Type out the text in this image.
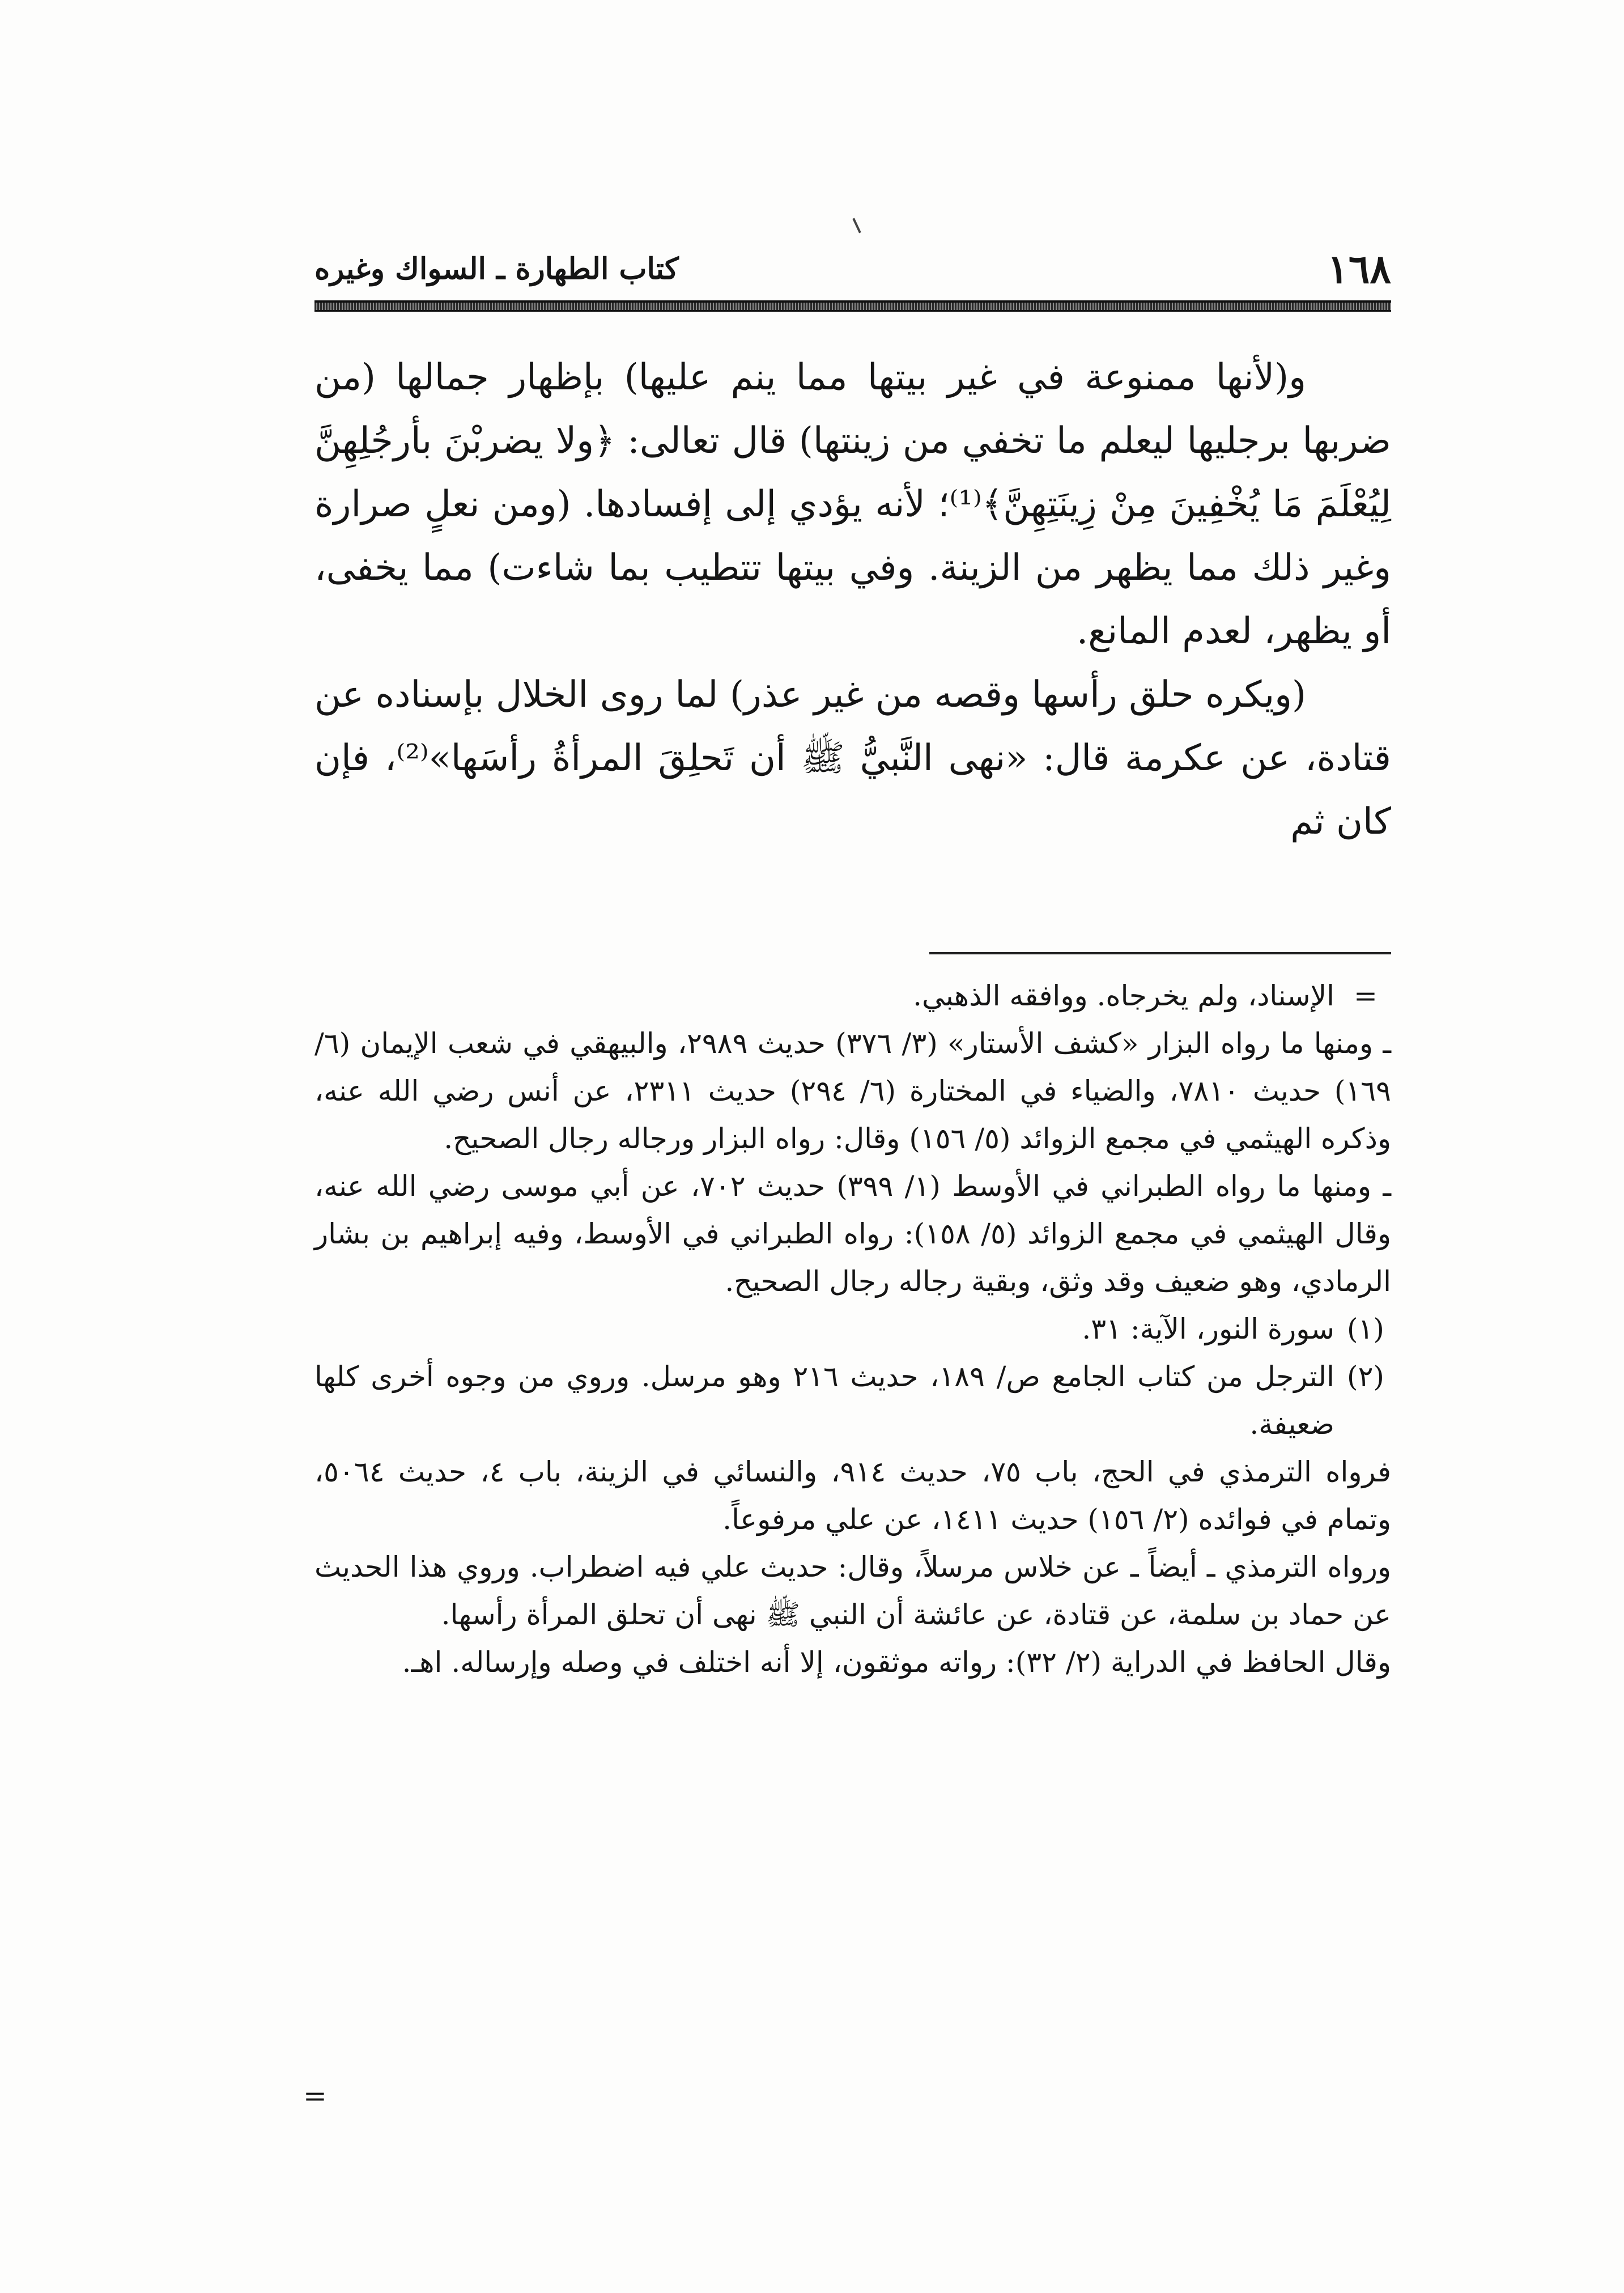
١٦٨
كتاب الطهارة ـ السواك وغيره

و(لأنها ممنوعة في غير بيتها مما ينم عليها) بإظهار جمالها (من ضربها برجليها ليعلم ما تخفي من زينتها) قال تعالى: ﴿ولا يضربْنَ بأرجُلِهِنَّ لِيُعْلَمَ مَا يُخْفِينَ مِنْ زِينَتِهِنَّ﴾⁽¹⁾؛ لأنه يؤدي إلى إفسادها. (ومن نعلٍ صرارة وغير ذلك مما يظهر من الزينة. وفي بيتها تتطيب بما شاءت) مما يخفى، أو يظهر، لعدم المانع.

(ويكره حلق رأسها وقصه من غير عذر) لما روى الخلال بإسناده عن قتادة، عن عكرمة قال: «نهى النَّبيُّ ﷺ أن تَحلِقَ المرأةُ رأسَها»⁽²⁾، فإن كان ثم

=
الإسناد، ولم يخرجاه. ووافقه الذهبي.

ـ ومنها ما رواه البزار «كشف الأستار» (٣/ ٣٧٦) حديث ٢٩٨٩، والبيهقي في شعب الإيمان (٦/ ١٦٩) حديث ٧٨١٠، والضياء في المختارة (٦/ ٢٩٤) حديث ٢٣١١، عن أنس رضي الله عنه، وذكره الهيثمي في مجمع الزوائد (٥/ ١٥٦) وقال: رواه البزار ورجاله رجال الصحيح.

ـ ومنها ما رواه الطبراني في الأوسط (١/ ٣٩٩) حديث ٧٠٢، عن أبي موسى رضي الله عنه، وقال الهيثمي في مجمع الزوائد (٥/ ١٥٨): رواه الطبراني في الأوسط، وفيه إبراهيم بن بشار الرمادي، وهو ضعيف وقد وثق، وبقية رجاله رجال الصحيح.

(١)
سورة النور، الآية: ٣١.
(٢)
الترجل من كتاب الجامع ص/ ١٨٩، حديث ٢١٦ وهو مرسل. وروي من وجوه أخرى كلها ضعيفة.

فرواه الترمذي في الحج، باب ٧٥، حديث ٩١٤، والنسائي في الزينة، باب ٤، حديث ٥٠٦٤، وتمام في فوائده (٢/ ١٥٦) حديث ١٤١١، عن علي مرفوعاً.

ورواه الترمذي ـ أيضاً ـ عن خلاس مرسلاً، وقال: حديث علي فيه اضطراب. وروي هذا الحديث عن حماد بن سلمة، عن قتادة، عن عائشة أن النبي ﷺ نهى أن تحلق المرأة رأسها.

وقال الحافظ في الدراية (٢/ ٣٢): رواته موثقون، إلا أنه اختلف في وصله وإرساله. اهـ.

=
